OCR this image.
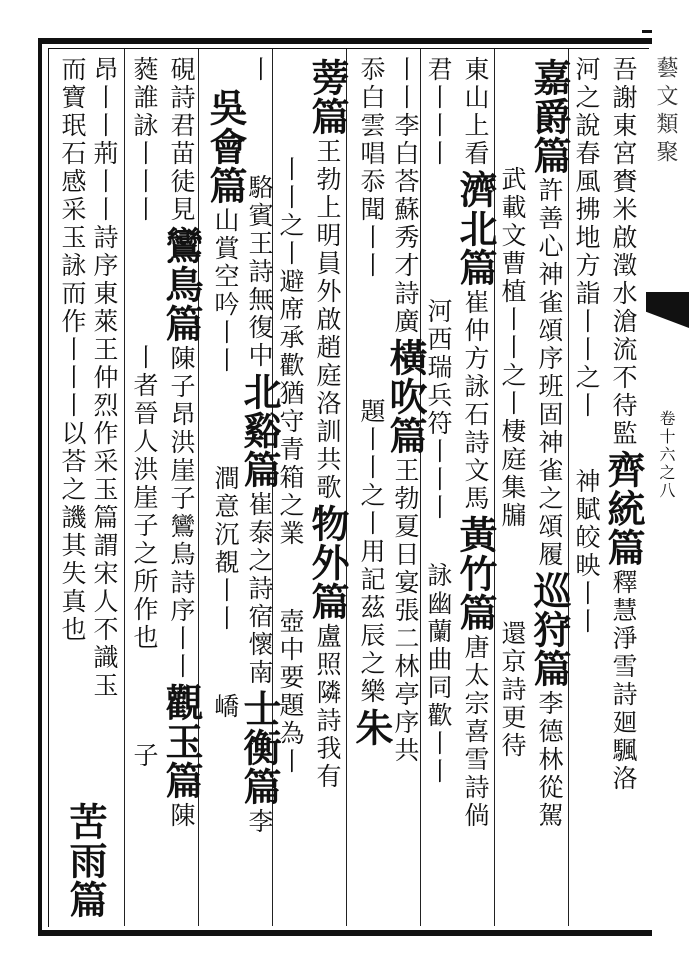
藝文類聚
卷十六之八
吾謝東宮賚米啟澂水滄流不待監齊統篇釋慧淨雪詩廻颿洛
河之說春風拂地方詣丨丨之丨神賦皎映丨丨
嘉爵篇許善心神雀頌序班固神雀之頌履巡狩篇李德林從駕
武載文曹植丨丨之丨棲庭集牖還京詩更待
東山上看濟北篇崔仲方詠石詩文馬黃竹篇唐太宗喜雪詩倘
君丨丨丨河西瑞兵符丨丨丨詠幽蘭曲同歡丨丨
丨丨李白荅蘇秀才詩廣橫吹篇王勃夏日宴張二林亭序共
忝白雲唱忝聞丨丨題丨丨之丨用記茲辰之樂朱
蒡篇王勃上明員外啟趙庭洛訓共歌物外篇盧照隣詩我有
丨丨之丨避席承歡猶守青箱之業壺中要題為丨
丨駱賓王詩無復中北谿篇崔泰之詩宿懷南士衡篇李
吳會篇山賞空吟丨丨澗意沉覩丨丨嶠
硯詩君苗徒見鸞鳥篇陳子昂洪崖子鸞鳥詩序丨丨觀玉篇陳
蕤誰詠丨丨丨丨者晉人洪崖子之所作也子
昂丨丨荊丨丨詩序東萊王仲烈作采玉篇謂宋人不識玉
而寶珉石感采玉詠而作丨丨丨以荅之譏其失真也
苦雨篇
